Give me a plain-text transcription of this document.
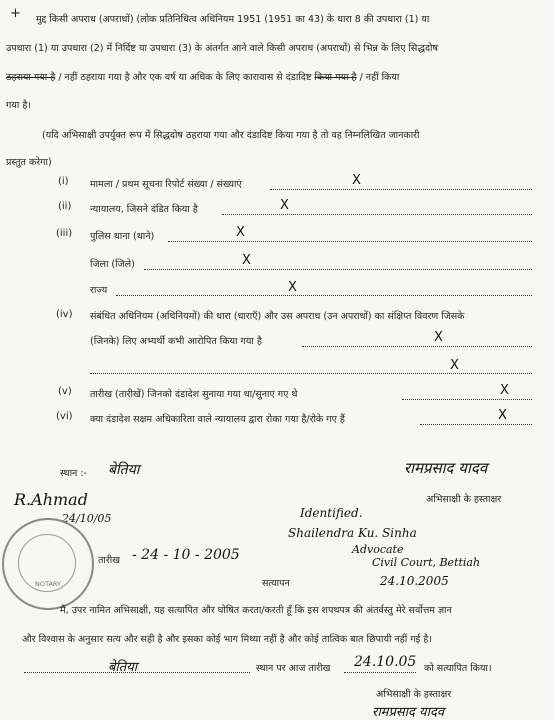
+ मुद्द किसी अपराध (अपराधों) (लोक प्रतिनिधित्व अधिनियम 1951 (1951 का 43) के धारा 8 की उपधारा (1) या
उपधारा (1) या उपधारा (2) में निर्दिष्ट या उपधारा (3) के अंतर्गत आने वाले किसी अपराध (अपराधों) से भिन्न के लिए सिद्धदोष
ठहराया गया है / नहीं ठहराया गया है और एक वर्ष या अधिक के लिए कारावास से दंडादिष्ट किया गया है / नहीं किया
गया है।
(यदि अभिसाक्षी उपर्युक्त रूप में सिद्धदोष ठहराया गया और दंडादिष्ट किया गया है तो वह निम्नलिखित जानकारी
प्रस्तुत करेगा)
(i) मामला / प्रथम सूचना रिपोर्ट संख्या / संख्याएं	X
(ii) न्यायालय, जिसने दंडित किया है	X
(iii) पुलिस थाना (थाने)	X
जिला (जिले)	X
राज्य	X
(iv) संबंधित अधिनियम (अधिनियमों) की धारा (धाराएँ) और उस अपराध (उन अपराधों) का संक्षिप्त विवरण जिसके
(जिनके) लिए अभ्यर्थी कभी आरोपित किया गया है	X
X
(v) तारीख (तारीखें) जिनको दंडादेश सुनाया गया था/सुनाए गए थे	X
(vi) क्या दंडादेश सक्षम अधिकारिता वाले न्यायालय द्वारा रोका गया है/रोके गए हैं	X
स्थान :- बेतिया	रामप्रसाद यादव
अभिसाक्षी के हस्ताक्षर
R.Ahmad
24/10/05
NOTARY
Identified.
Shailendra Ku. Sinha
Advocate
Civil Court, Bettiah
24.10.2005
तारीख - 24 - 10 - 2005
सत्यापन
मैं, उपर नामित अभिसाक्षी, यह सत्यापित और घोषित करता/करती हूँ कि इस शपथपत्र की अंतर्वस्तु मेरे सर्वोत्तम ज्ञान
और विश्वास के अनुसार सत्य और सही है और इसका कोई भाग मिथ्या नहीं है और कोई तात्विक बात छिपायी नहीं गई है।
बेतिया	स्थान पर आज तारीख 24.10.05 को सत्यापित किया।
अभिसाक्षी के हस्ताक्षर
रामप्रसाद यादव
